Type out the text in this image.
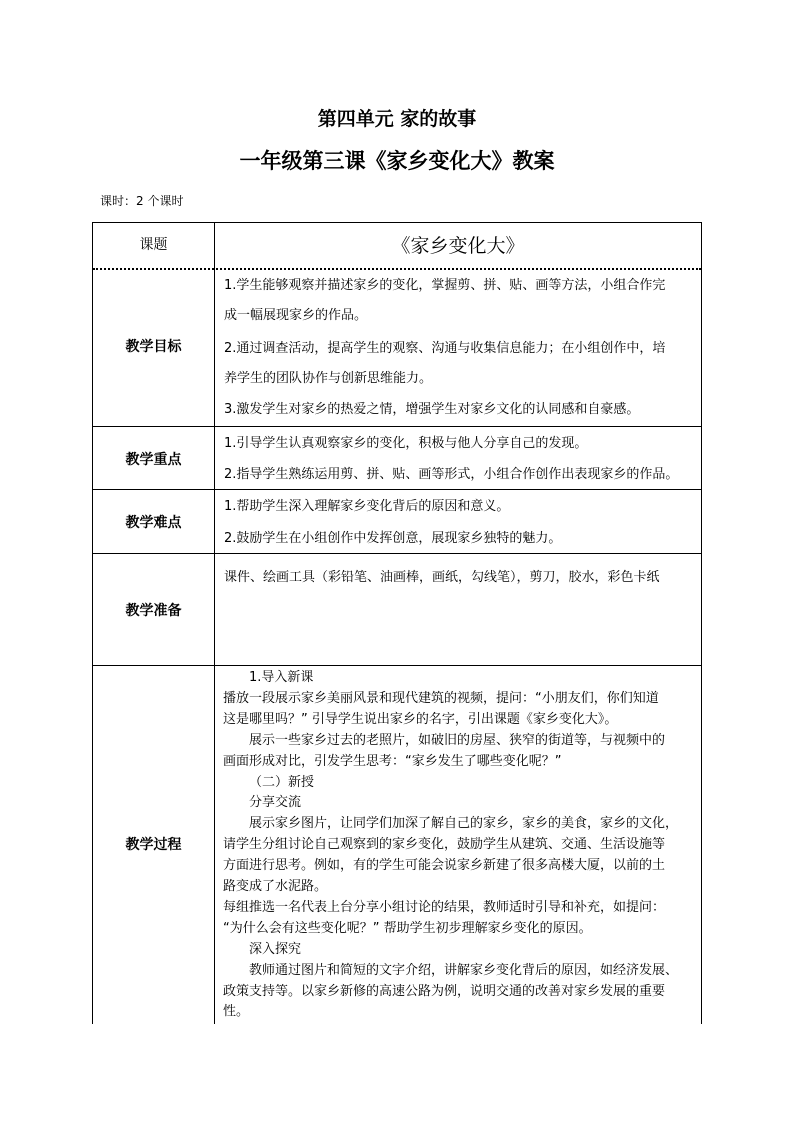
第四单元 家的故事
一年级第三课《家乡变化大》教案
课时：2 个课时
课题	《家乡变化大》
教学目标
1.学生能够观察并描述家乡的变化，掌握剪、拼、贴、画等方法，小组合作完
成一幅展现家乡的作品。
2.通过调查活动，提高学生的观察、沟通与收集信息能力；在小组创作中，培
养学生的团队协作与创新思维能力。
3.激发学生对家乡的热爱之情，增强学生对家乡文化的认同感和自豪感。
教学重点
1.引导学生认真观察家乡的变化，积极与他人分享自己的发现。
2.指导学生熟练运用剪、拼、贴、画等形式，小组合作创作出表现家乡的作品。
教学难点
1.帮助学生深入理解家乡变化背后的原因和意义。
2.鼓励学生在小组创作中发挥创意，展现家乡独特的魅力。
教学准备
课件、绘画工具（彩铅笔、油画棒，画纸，勾线笔），剪刀，胶水，彩色卡纸
教学过程
1.导入新课
播放一段展示家乡美丽风景和现代建筑的视频，提问：“小朋友们，你们知道
这是哪里吗？” 引导学生说出家乡的名字，引出课题《家乡变化大》。
展示一些家乡过去的老照片，如破旧的房屋、狭窄的街道等，与视频中的
画面形成对比，引发学生思考：“家乡发生了哪些变化呢？”
（二）新授
分享交流
展示家乡图片，让同学们加深了解自己的家乡，家乡的美食，家乡的文化，
请学生分组讨论自己观察到的家乡变化，鼓励学生从建筑、交通、生活设施等
方面进行思考。例如，有的学生可能会说家乡新建了很多高楼大厦，以前的土
路变成了水泥路。
每组推选一名代表上台分享小组讨论的结果，教师适时引导和补充，如提问：
“为什么会有这些变化呢？” 帮助学生初步理解家乡变化的原因。
深入探究
教师通过图片和简短的文字介绍，讲解家乡变化背后的原因，如经济发展、
政策支持等。以家乡新修的高速公路为例，说明交通的改善对家乡发展的重要
性。
